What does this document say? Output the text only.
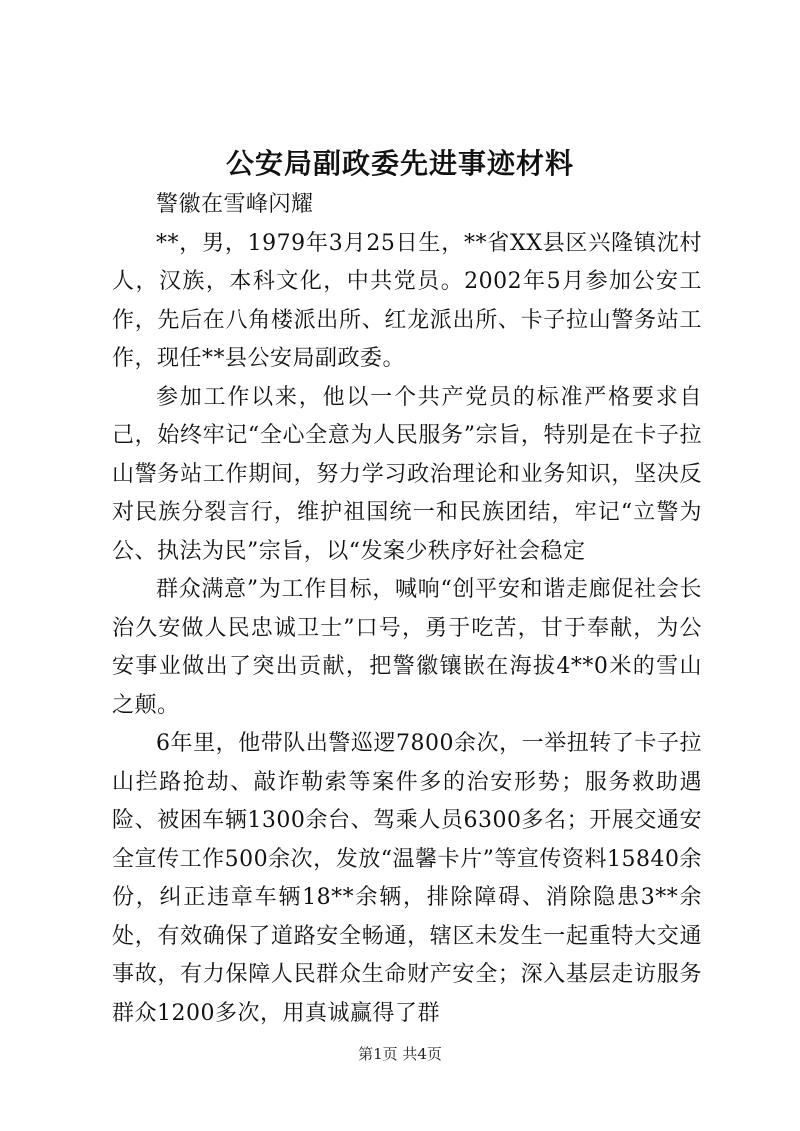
公安局副政委先进事迹材料

警徽在雪峰闪耀

**，男，1979年3月25日生，**省XX县区兴隆镇沈村人，汉族，本科文化，中共党员。2002年5月参加公安工作，先后在八角楼派出所、红龙派出所、卡子拉山警务站工作，现任**县公安局副政委。

参加工作以来，他以一个共产党员的标准严格要求自己，始终牢记“全心全意为人民服务”宗旨，特别是在卡子拉山警务站工作期间，努力学习政治理论和业务知识，坚决反对民族分裂言行，维护祖国统一和民族团结，牢记“立警为公、执法为民”宗旨，以“发案少秩序好社会稳定

群众满意”为工作目标，喊响“创平安和谐走廊促社会长治久安做人民忠诚卫士”口号，勇于吃苦，甘于奉献，为公安事业做出了突出贡献，把警徽镶嵌在海拔4**0米的雪山之颠。

6年里，他带队出警巡逻7800余次，一举扭转了卡子拉山拦路抢劫、敲诈勒索等案件多的治安形势；服务救助遇险、被困车辆1300余台、驾乘人员6300多名；开展交通安全宣传工作500余次，发放“温馨卡片”等宣传资料15840余份，纠正违章车辆18**余辆，排除障碍、消除隐患3**余处，有效确保了道路安全畅通，辖区未发生一起重特大交通事故，有力保障人民群众生命财产安全；深入基层走访服务群众1200多次，用真诚赢得了群

第1页 共4页
